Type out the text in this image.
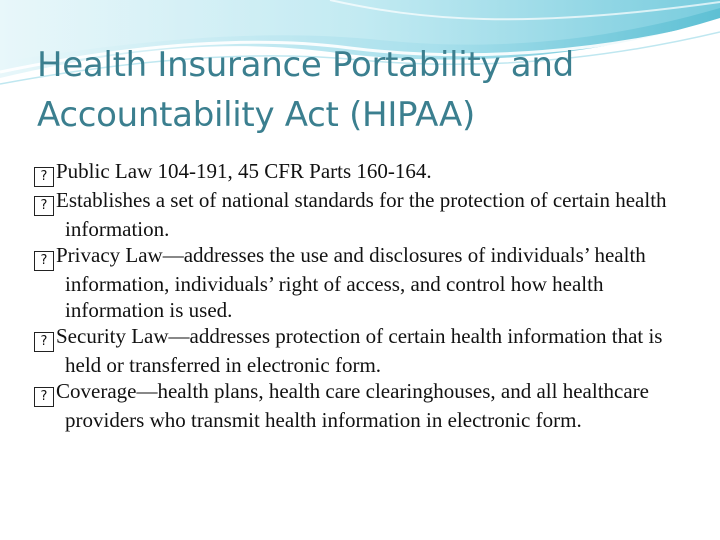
Health Insurance Portability and
Accountability Act (HIPAA)
? Public Law 104-191, 45 CFR Parts 160-164.
? Establishes a set of national standards for the protection of certain health information.
? Privacy Law—addresses the use and disclosures of individuals’ health information, individuals’ right of access, and control how health information is used.
? Security Law—addresses protection of certain health information that is held or transferred in electronic form.
? Coverage—health plans, health care clearinghouses, and all healthcare providers who transmit health information in electronic form.
